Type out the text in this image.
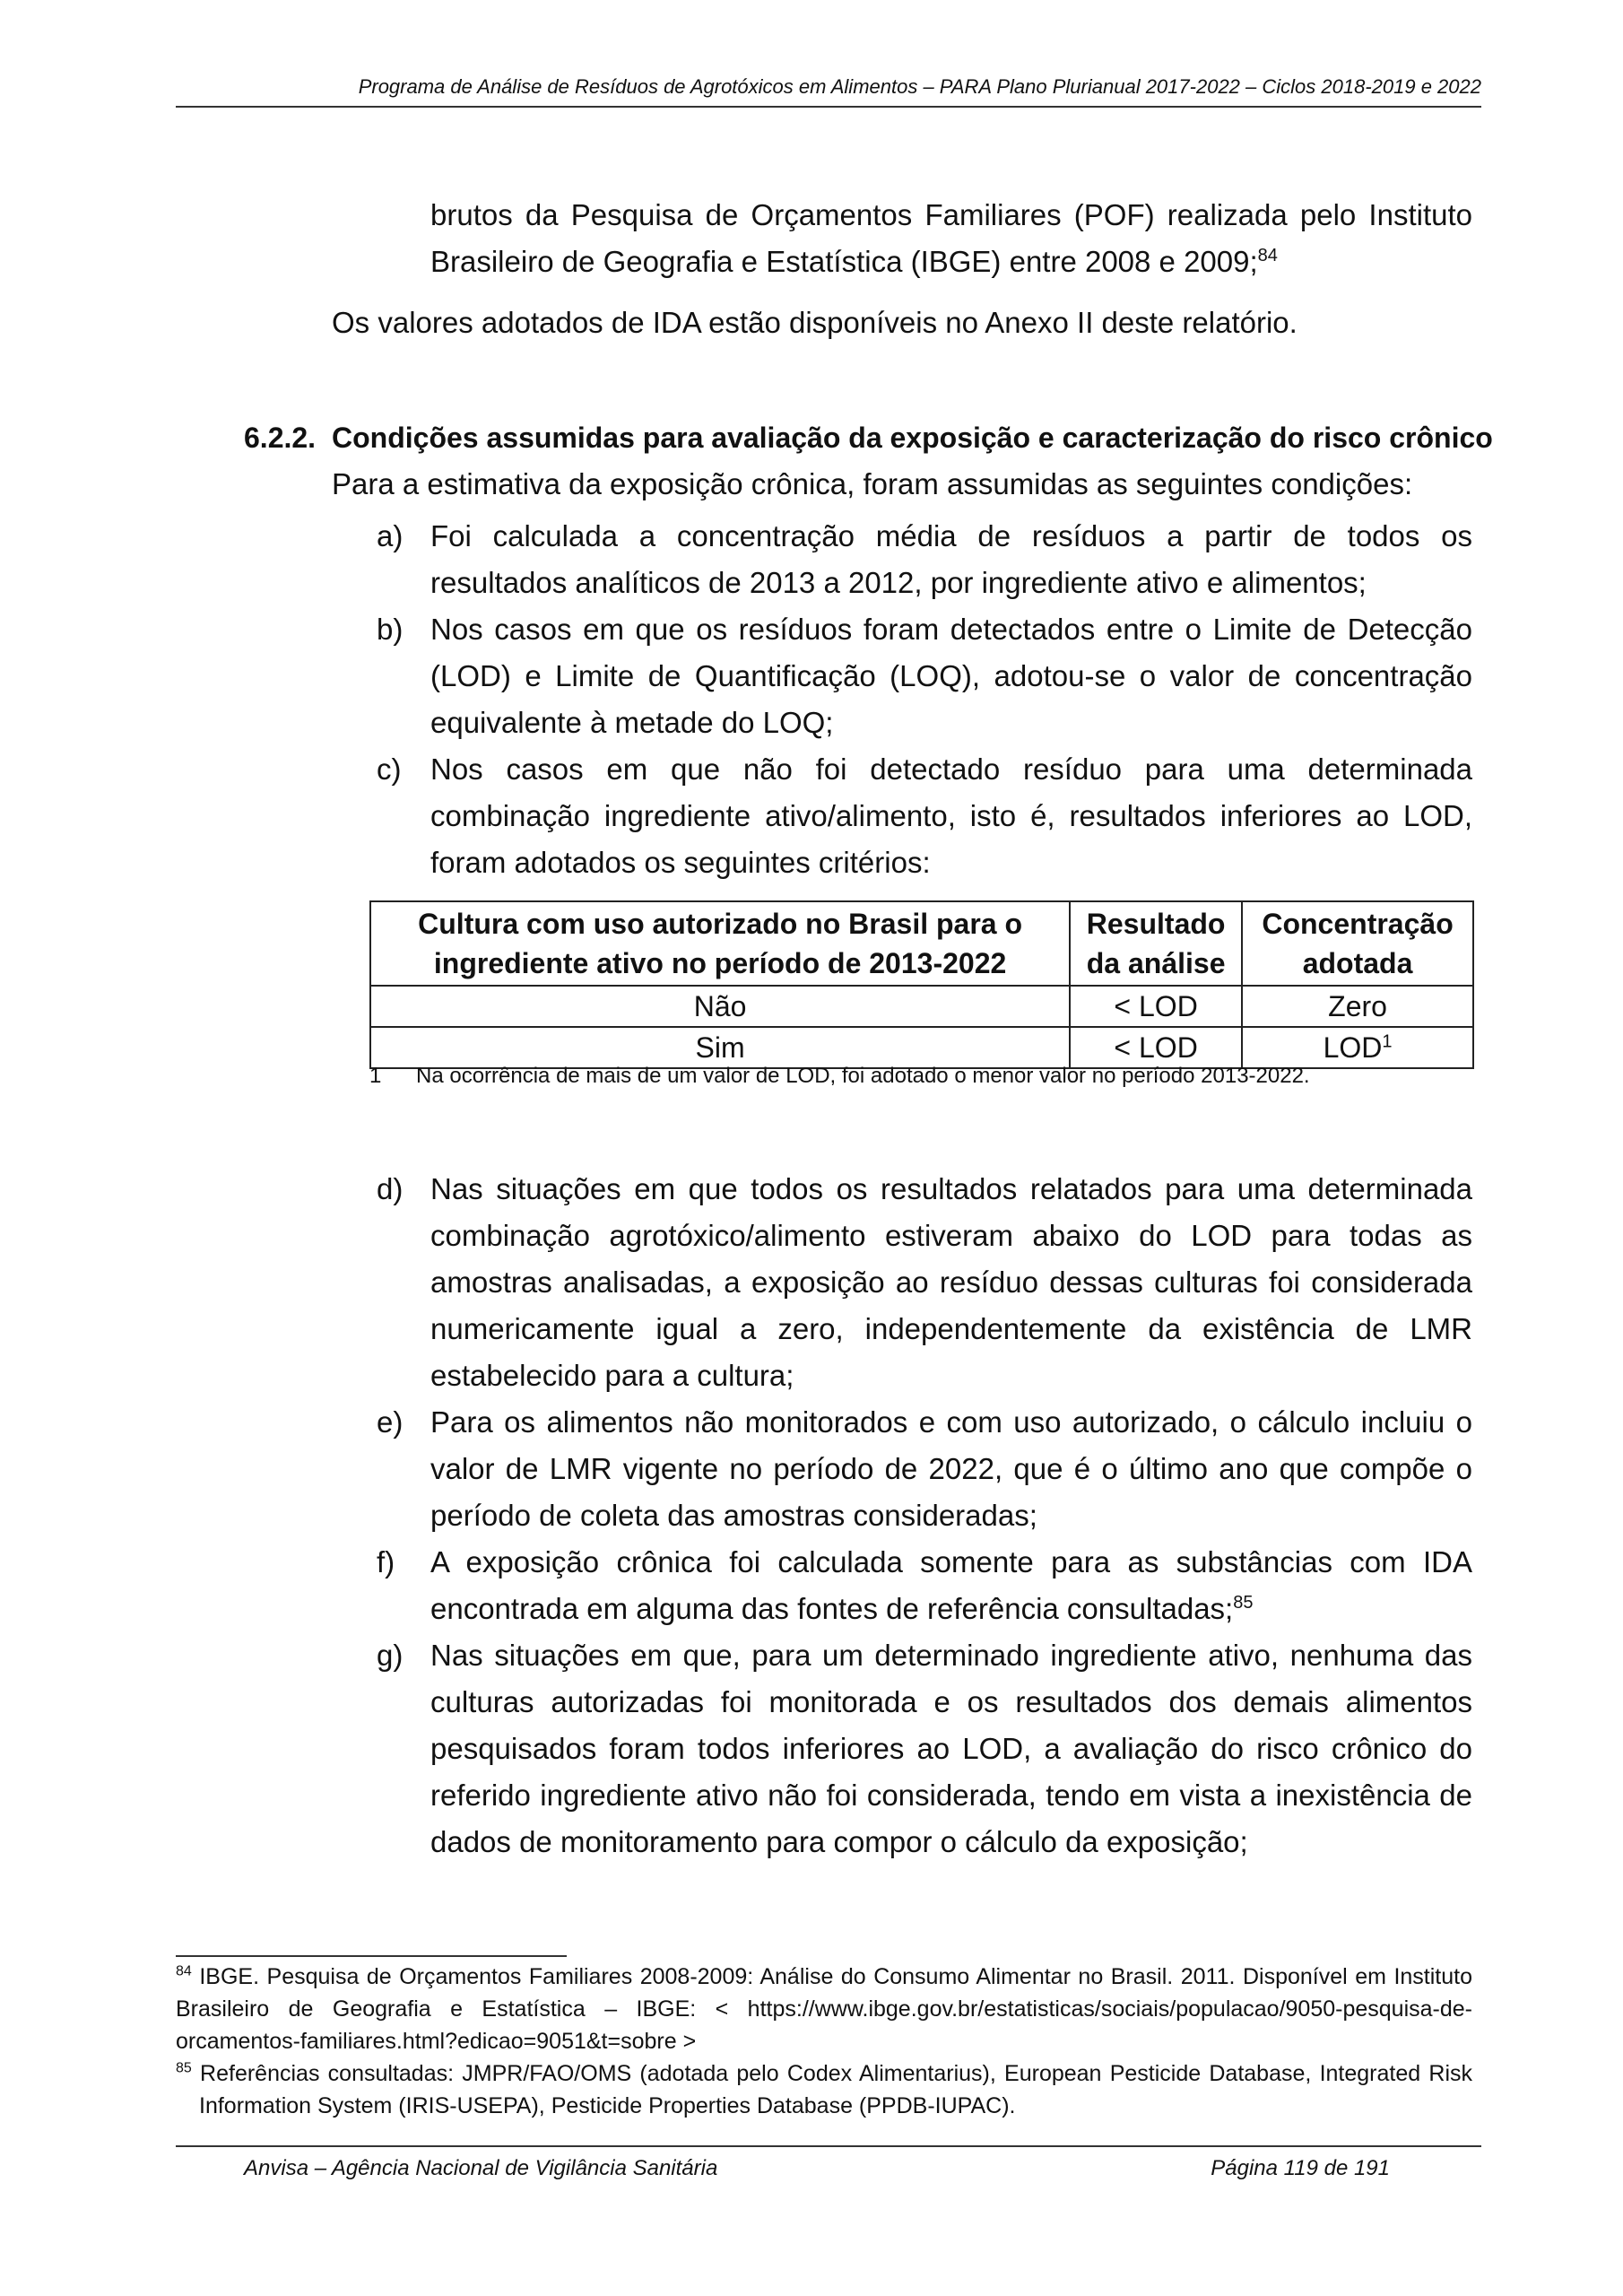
Programa de Análise de Resíduos de Agrotóxicos em Alimentos – PARA Plano Plurianual 2017-2022 – Ciclos 2018-2019 e 2022
brutos da Pesquisa de Orçamentos Familiares (POF) realizada pelo Instituto Brasileiro de Geografia e Estatística (IBGE) entre 2008 e 2009;$^{84}$
Os valores adotados de IDA estão disponíveis no Anexo II deste relatório.
6.2.2. Condições assumidas para avaliação da exposição e caracterização do risco crônico
Para a estimativa da exposição crônica, foram assumidas as seguintes condições:
a) Foi calculada a concentração média de resíduos a partir de todos os resultados analíticos de 2013 a 2012, por ingrediente ativo e alimentos;
b) Nos casos em que os resíduos foram detectados entre o Limite de Detecção (LOD) e Limite de Quantificação (LOQ), adotou-se o valor de concentração equivalente à metade do LOQ;
c) Nos casos em que não foi detectado resíduo para uma determinada combinação ingrediente ativo/alimento, isto é, resultados inferiores ao LOD, foram adotados os seguintes critérios:
Cultura com uso autorizado no Brasil para o ingrediente ativo no período de 2013-2022	Resultado da análise	Concentração adotada
Não	< LOD	Zero
Sim	< LOD	LOD$^1$
1 Na ocorrência de mais de um valor de LOD, foi adotado o menor valor no período 2013-2022.
d) Nas situações em que todos os resultados relatados para uma determinada combinação agrotóxico/alimento estiveram abaixo do LOD para todas as amostras analisadas, a exposição ao resíduo dessas culturas foi considerada numericamente igual a zero, independentemente da existência de LMR estabelecido para a cultura;
e) Para os alimentos não monitorados e com uso autorizado, o cálculo incluiu o valor de LMR vigente no período de 2022, que é o último ano que compõe o período de coleta das amostras consideradas;
f)	A exposição crônica foi calculada somente para as substâncias com IDA encontrada em alguma das fontes de referência consultadas;$^{85}$
g) Nas situações em que, para um determinado ingrediente ativo, nenhuma das culturas autorizadas foi monitorada e os resultados dos demais alimentos pesquisados foram todos inferiores ao LOD, a avaliação do risco crônico do referido ingrediente ativo não foi considerada, tendo em vista a inexistência de dados de monitoramento para compor o cálculo da exposição;

$^{84}$ IBGE. Pesquisa de Orçamentos Familiares 2008-2009: Análise do Consumo Alimentar no Brasil. 2011. Disponível em Instituto Brasileiro de Geografia e Estatística – IBGE: < https://www.ibge.gov.br/estatisticas/sociais/populacao/9050-pesquisa-de-orcamentos-familiares.html?edicao=9051&t=sobre >

$^{85}$ Referências consultadas: JMPR/FAO/OMS (adotada pelo Codex Alimentarius), European Pesticide Database, Integrated Risk Information System (IRIS-USEPA), Pesticide Properties Database (PPDB-IUPAC).

Anvisa – Agência Nacional de Vigilância Sanitária	Página 119 de 191
